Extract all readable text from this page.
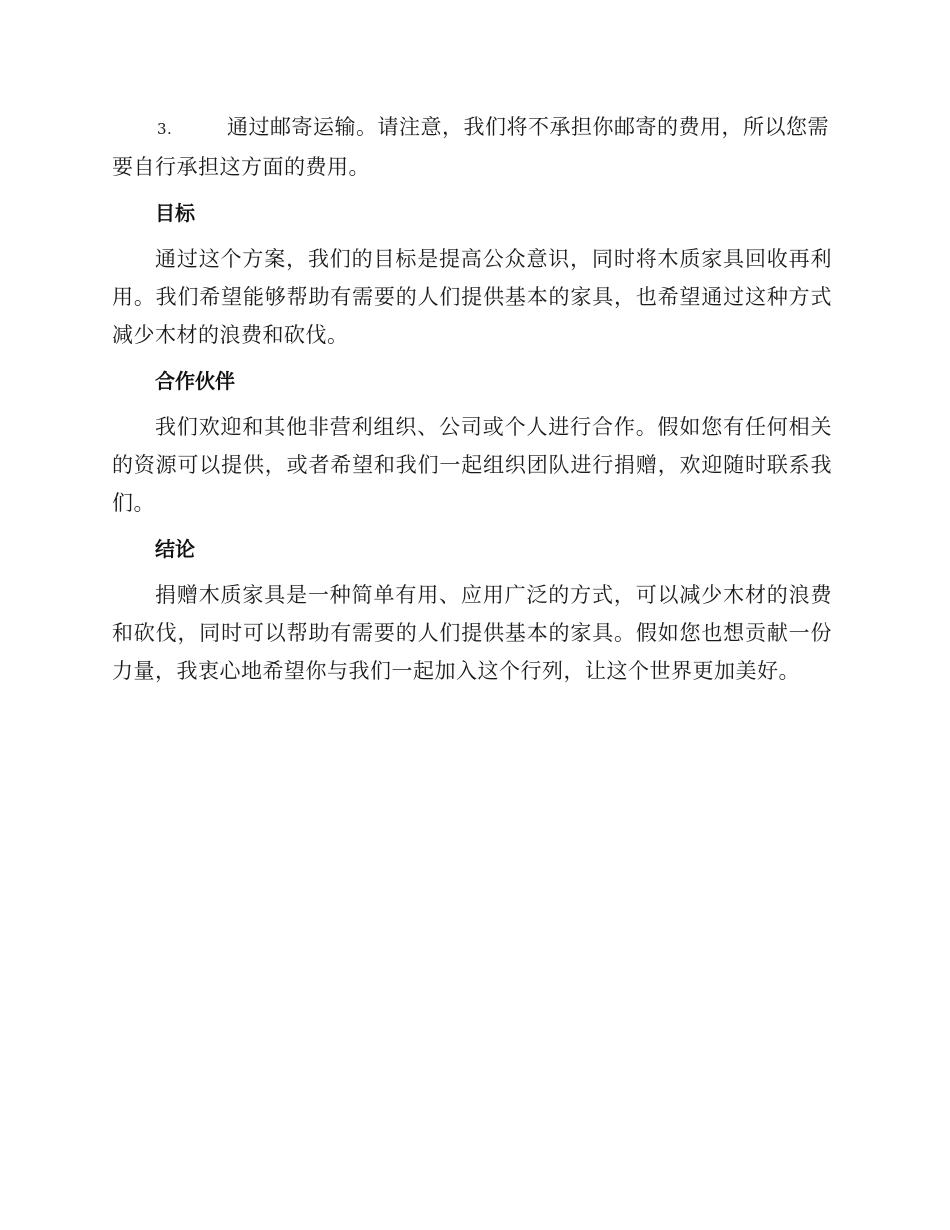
3.	通过邮寄运输。请注意，我们将不承担你邮寄的费用，所以您需要自行承担这方面的费用。

目标

通过这个方案，我们的目标是提高公众意识，同时将木质家具回收再利用。我们希望能够帮助有需要的人们提供基本的家具，也希望通过这种方式减少木材的浪费和砍伐。

合作伙伴

我们欢迎和其他非营利组织、公司或个人进行合作。假如您有任何相关的资源可以提供，或者希望和我们一起组织团队进行捐赠，欢迎随时联系我们。

结论

捐赠木质家具是一种简单有用、应用广泛的方式，可以减少木材的浪费和砍伐，同时可以帮助有需要的人们提供基本的家具。假如您也想贡献一份力量，我衷心地希望你与我们一起加入这个行列，让这个世界更加美好。
